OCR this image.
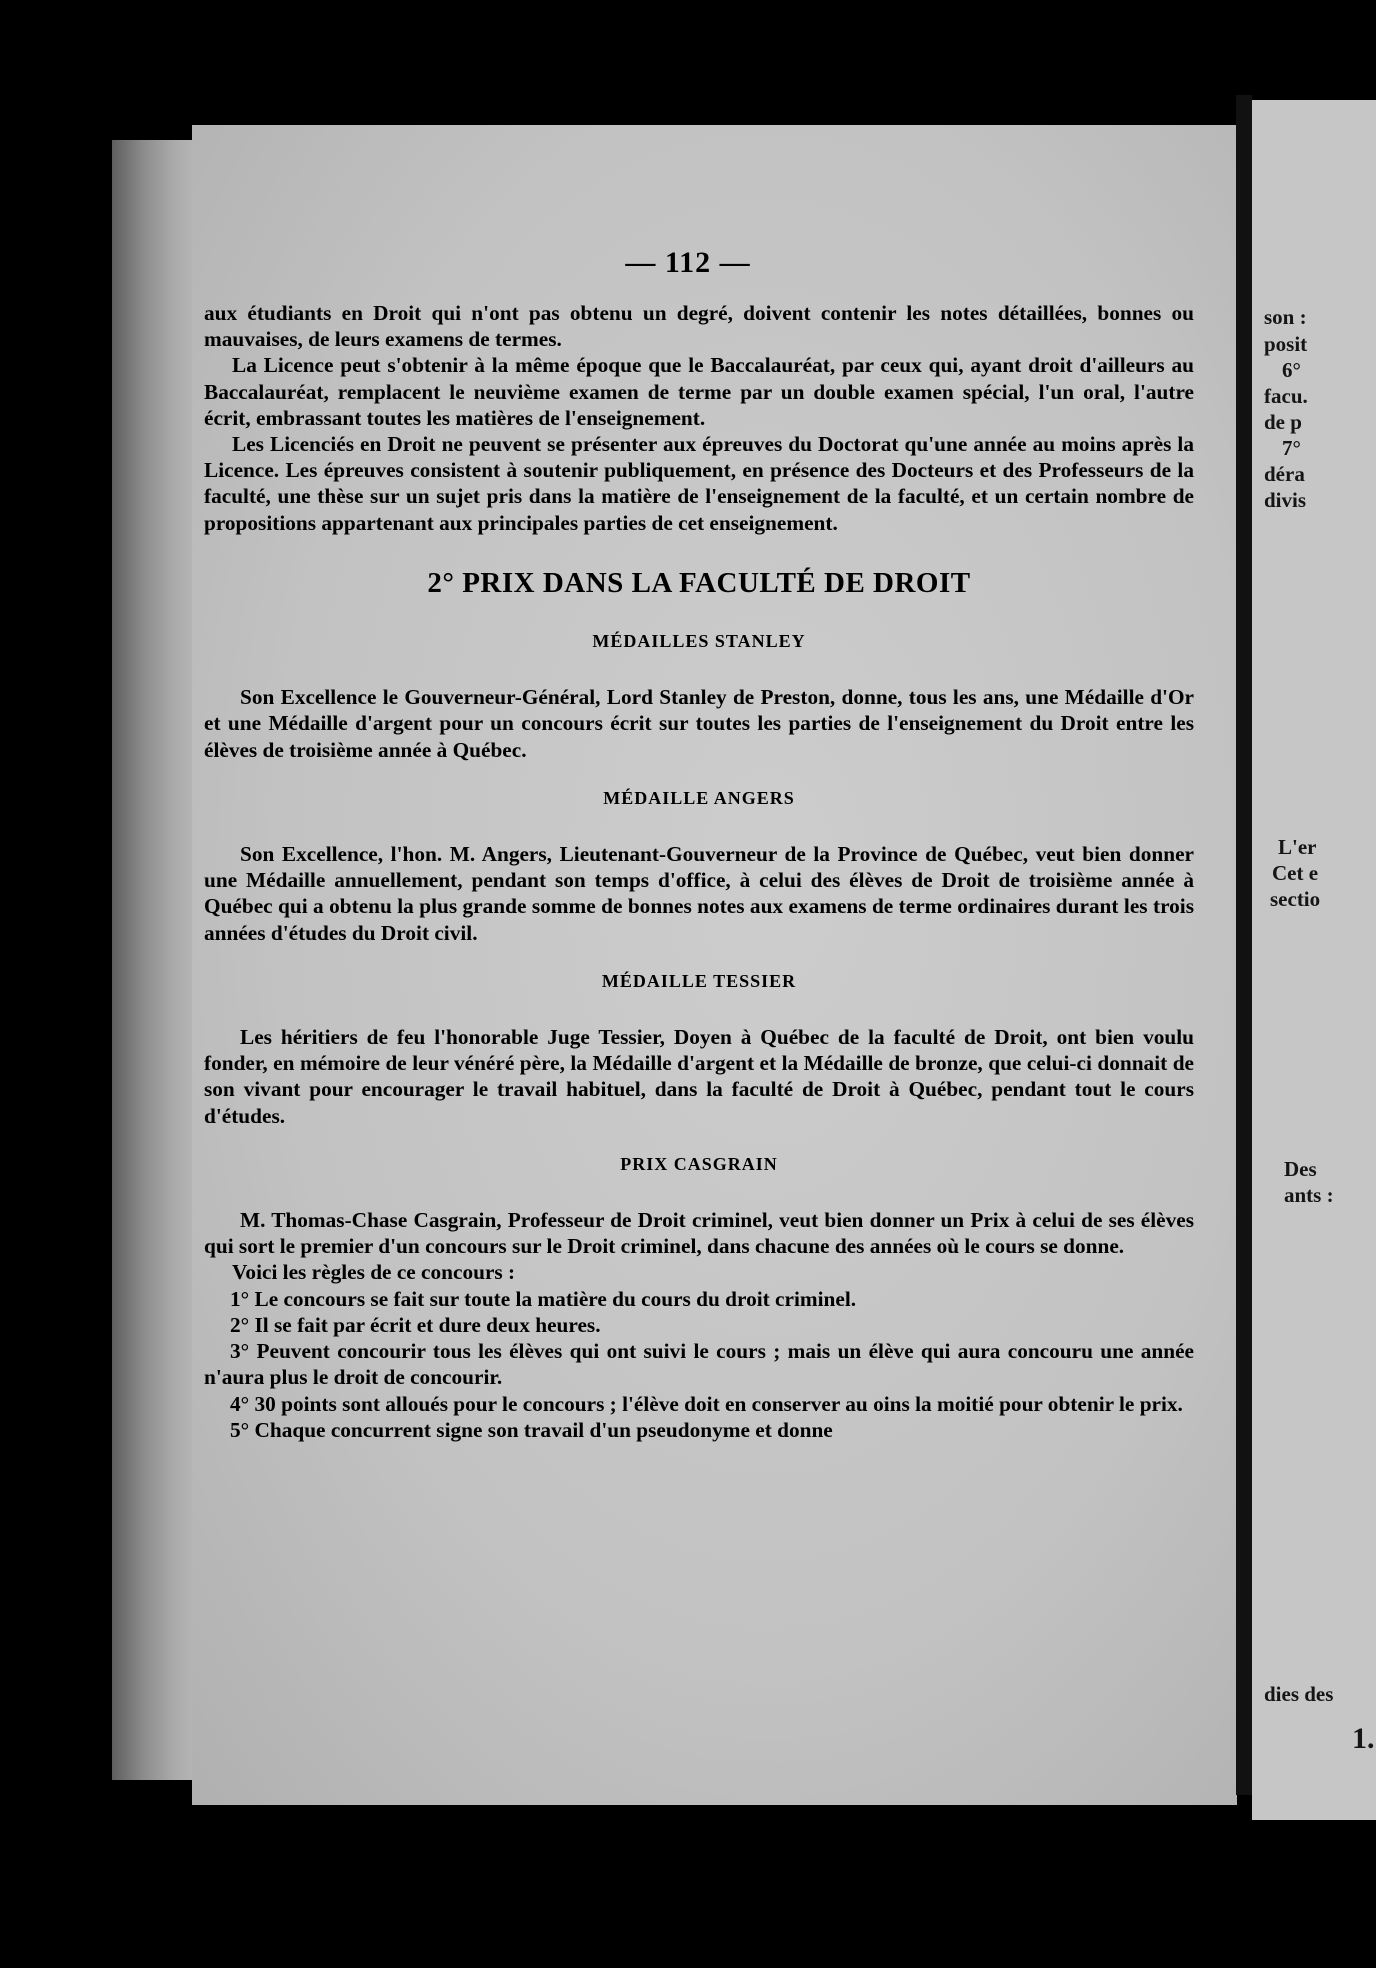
son :
posit
6°
facu.
de p
7°
déra
divis
L'er
Cet e
sectio
Des
ants :
dies des
1.
— 112 —

aux étudiants en Droit qui n'ont pas obtenu un degré, doivent contenir les notes détaillées, bonnes ou mauvaises, de leurs examens de termes.

La Licence peut s'obtenir à la même époque que le Baccalauréat, par ceux qui, ayant droit d'ailleurs au Baccalauréat, remplacent le neuvième examen de terme par un double examen spécial, l'un oral, l'autre écrit, embrassant toutes les matières de l'enseignement.

Les Licenciés en Droit ne peuvent se présenter aux épreuves du Doctorat qu'une année au moins après la Licence. Les épreuves consistent à soutenir publiquement, en présence des Docteurs et des Professeurs de la faculté, une thèse sur un sujet pris dans la matière de l'enseignement de la faculté, et un certain nombre de propositions appartenant aux principales parties de cet enseignement.

2° PRIX DANS LA FACULTÉ DE DROIT
MÉDAILLES STANLEY

Son Excellence le Gouverneur-Général, Lord Stanley de Preston, donne, tous les ans, une Médaille d'Or et une Médaille d'argent pour un concours écrit sur toutes les parties de l'enseignement du Droit entre les élèves de troisième année à Québec.

MÉDAILLE ANGERS

Son Excellence, l'hon. M. Angers, Lieutenant-Gouverneur de la Province de Québec, veut bien donner une Médaille annuellement, pendant son temps d'office, à celui des élèves de Droit de troisième année à Québec qui a obtenu la plus grande somme de bonnes notes aux examens de terme ordinaires durant les trois années d'études du Droit civil.

MÉDAILLE TESSIER

Les héritiers de feu l'honorable Juge Tessier, Doyen à Québec de la faculté de Droit, ont bien voulu fonder, en mémoire de leur vénéré père, la Médaille d'argent et la Médaille de bronze, que celui-ci donnait de son vivant pour encourager le travail habituel, dans la faculté de Droit à Québec, pendant tout le cours d'études.

PRIX CASGRAIN

M. Thomas-Chase Casgrain, Professeur de Droit criminel, veut bien donner un Prix à celui de ses élèves qui sort le premier d'un concours sur le Droit criminel, dans chacune des années où le cours se donne.

Voici les règles de ce concours :

1° Le concours se fait sur toute la matière du cours du droit criminel.

2° Il se fait par écrit et dure deux heures.

3° Peuvent concourir tous les élèves qui ont suivi le cours ; mais un élève qui aura concouru une année n'aura plus le droit de concourir.

4° 30 points sont alloués pour le concours ; l'élève doit en conserver au oins la moitié pour obtenir le prix.

5° Chaque concurrent signe son travail d'un pseudonyme et donne
